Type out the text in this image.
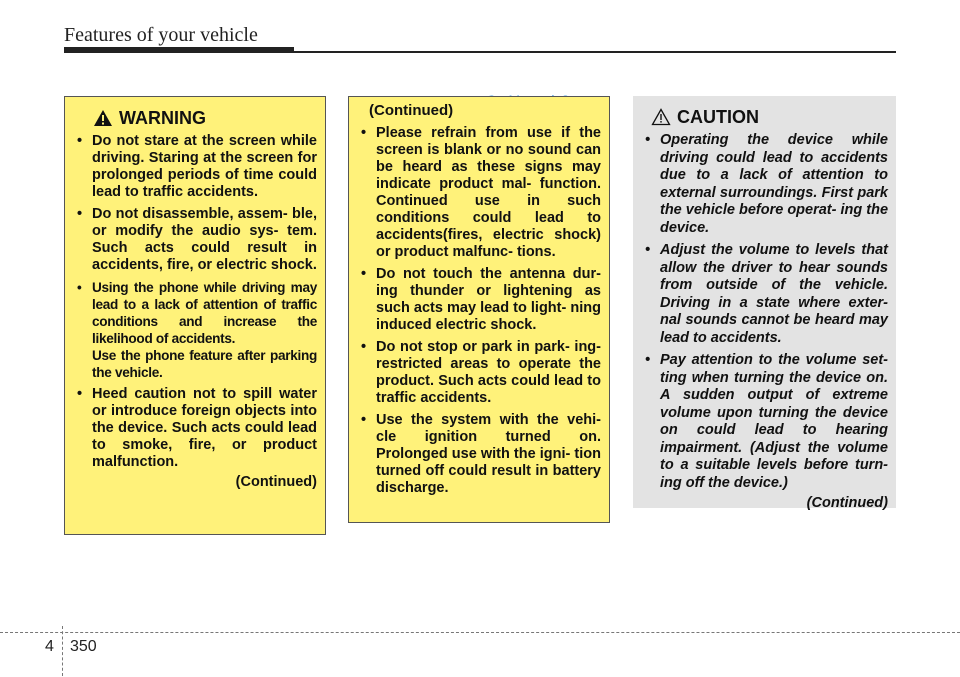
Features of your vehicle
WARNING
• Do not stare at the screen while driving. Staring at the screen for prolonged periods of time could lead to traffic accidents.
• Do not disassemble, assem- ble, or modify the audio sys- tem. Such acts could result in accidents, fire, or electric shock.
• Using the phone while driving may lead to a lack of attention of traffic conditions and increase the likelihood of accidents.
Use the phone feature after parking the vehicle.
• Heed caution not to spill water or introduce foreign objects into the device. Such acts could lead to smoke, fire, or product malfunction.
(Continued)
(Continued)
• Please refrain from use if the screen is blank or no sound can be heard as these signs may indicate product mal- function. Continued use in such conditions could lead to accidents(fires, electric shock) or product malfunc- tions.
• Do not touch the antenna dur- ing thunder or lightening as such acts may lead to light- ning induced electric shock.
• Do not stop or park in park- ing-restricted areas to operate the product. Such acts could lead to traffic accidents.
• Use the system with the vehi- cle ignition turned on. Prolonged use with the igni- tion turned off could result in battery discharge.
CAUTION
• Operating the device while driving could lead to accidents due to a lack of attention to external surroundings. First park the vehicle before operat- ing the device.
• Adjust the volume to levels that allow the driver to hear sounds from outside of the vehicle. Driving in a state where exter- nal sounds cannot be heard may lead to accidents.
• Pay attention to the volume set- ting when turning the device on. A sudden output of extreme volume upon turning the device on could lead to hearing impairment. (Adjust the volume to a suitable levels before turn- ing off the device.)
(Continued)
4 350
